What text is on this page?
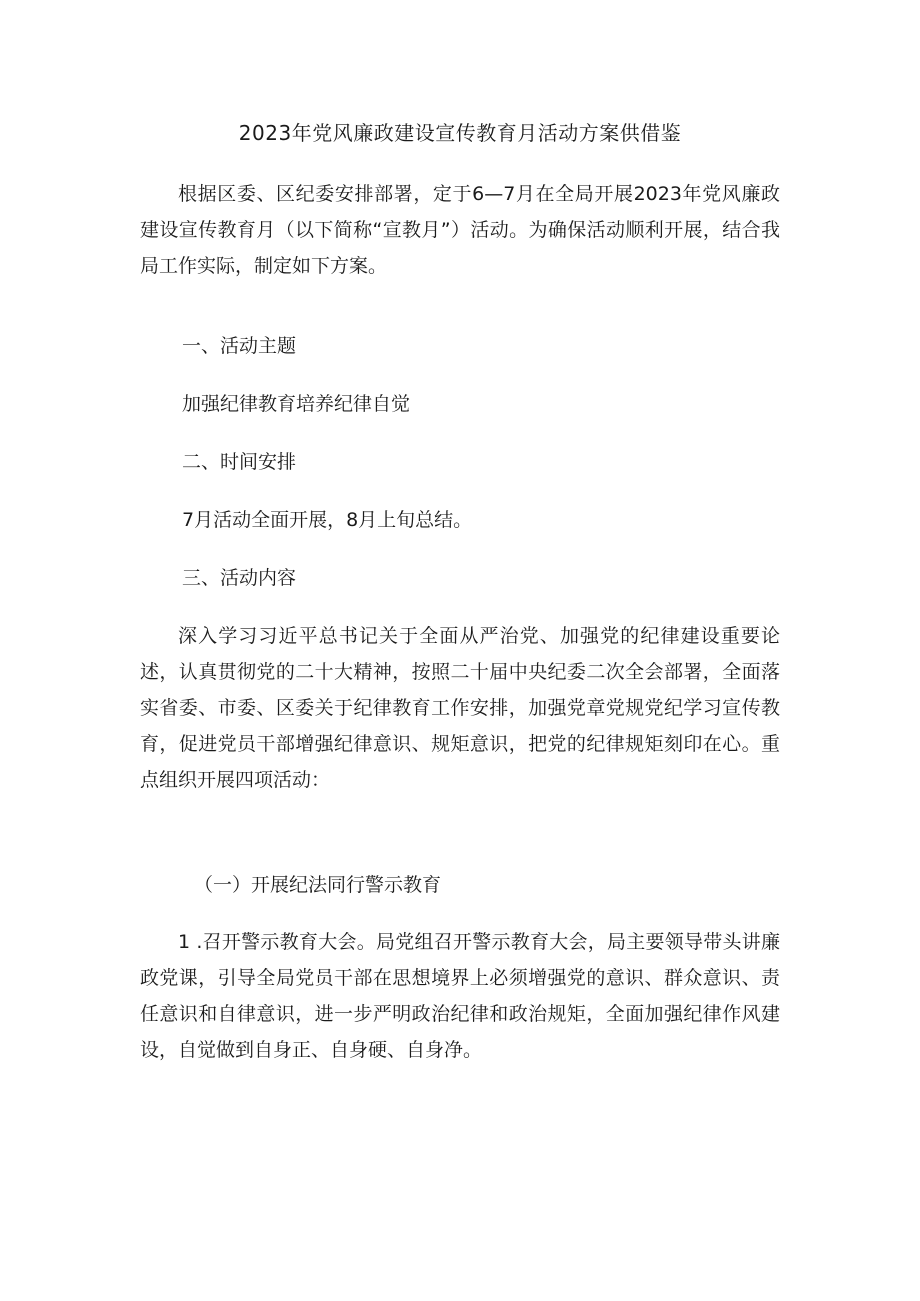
2023年党风廉政建设宣传教育月活动方案供借鉴

根据区委、区纪委安排部署，定于6—7月在全局开展2023年党风廉政建设宣传教育月（以下简称“宣教月”）活动。为确保活动顺利开展，结合我局工作实际，制定如下方案。

一、活动主题
加强纪律教育培养纪律自觉
二、时间安排
7月活动全面开展，8月上旬总结。
三、活动内容

深入学习习近平总书记关于全面从严治党、加强党的纪律建设重要论述，认真贯彻党的二十大精神，按照二十届中央纪委二次全会部署，全面落实省委、市委、区委关于纪律教育工作安排，加强党章党规党纪学习宣传教育，促进党员干部增强纪律意识、规矩意识，把党的纪律规矩刻印在心。重点组织开展四项活动：

（一）开展纪法同行警示教育

1 .召开警示教育大会。局党组召开警示教育大会，局主要领导带头讲廉政党课，引导全局党员干部在思想境界上必须增强党的意识、群众意识、责任意识和自律意识，进一步严明政治纪律和政治规矩，全面加强纪律作风建设，自觉做到自身正、自身硬、自身净。
